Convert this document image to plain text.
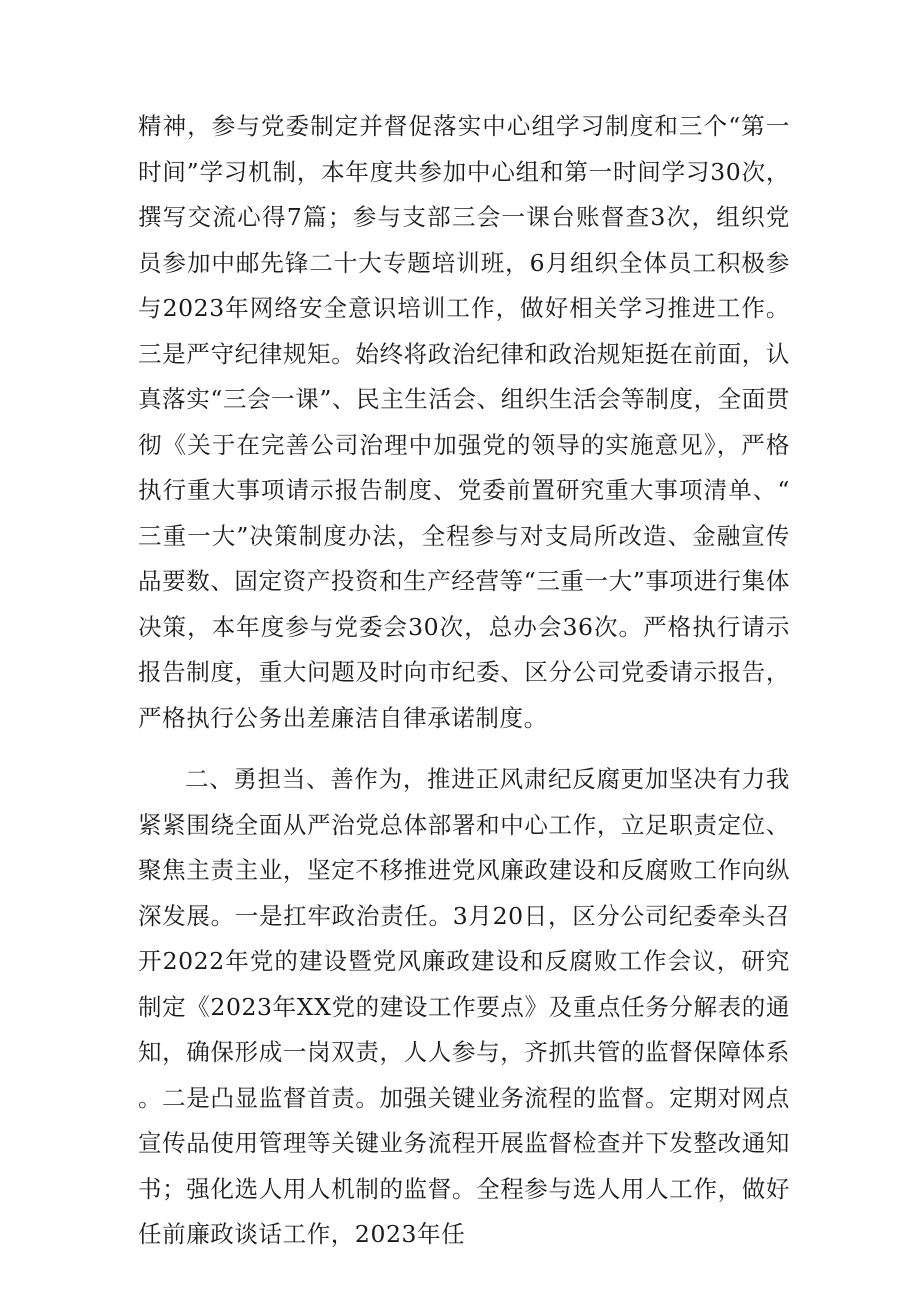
精神，参与党委制定并督促落实中心组学习制度和三个“第一时间”学习机制，本年度共参加中心组和第一时间学习30次，撰写交流心得7篇；参与支部三会一课台账督查3次，组织党员参加中邮先锋二十大专题培训班，6月组织全体员工积极参与2023年网络安全意识培训工作，做好相关学习推进工作。三是严守纪律规矩。始终将政治纪律和政治规矩挺在前面，认真落实“三会一课”、民主生活会、组织生活会等制度，全面贯彻《关于在完善公司治理中加强党的领导的实施意见》，严格执行重大事项请示报告制度、党委前置研究重大事项清单、“三重一大”决策制度办法，全程参与对支局所改造、金融宣传品要数、固定资产投资和生产经营等“三重一大”事项进行集体决策，本年度参与党委会30次，总办会36次。严格执行请示报告制度，重大问题及时向市纪委、区分公司党委请示报告，严格执行公务出差廉洁自律承诺制度。

二、勇担当、善作为，推进正风肃纪反腐更加坚决有力我紧紧围绕全面从严治党总体部署和中心工作，立足职责定位、聚焦主责主业，坚定不移推进党风廉政建设和反腐败工作向纵深发展。一是扛牢政治责任。3月20日，区分公司纪委牵头召开2022年党的建设暨党风廉政建设和反腐败工作会议，研究制定《2023年XX党的建设工作要点》及重点任务分解表的通知，确保形成一岗双责，人人参与，齐抓共管的监督保障体系。二是凸显监督首责。加强关键业务流程的监督。定期对网点宣传品使用管理等关键业务流程开展监督检查并下发整改通知书；强化选人用人机制的监督。全程参与选人用人工作，做好任前廉政谈话工作，2023年任
